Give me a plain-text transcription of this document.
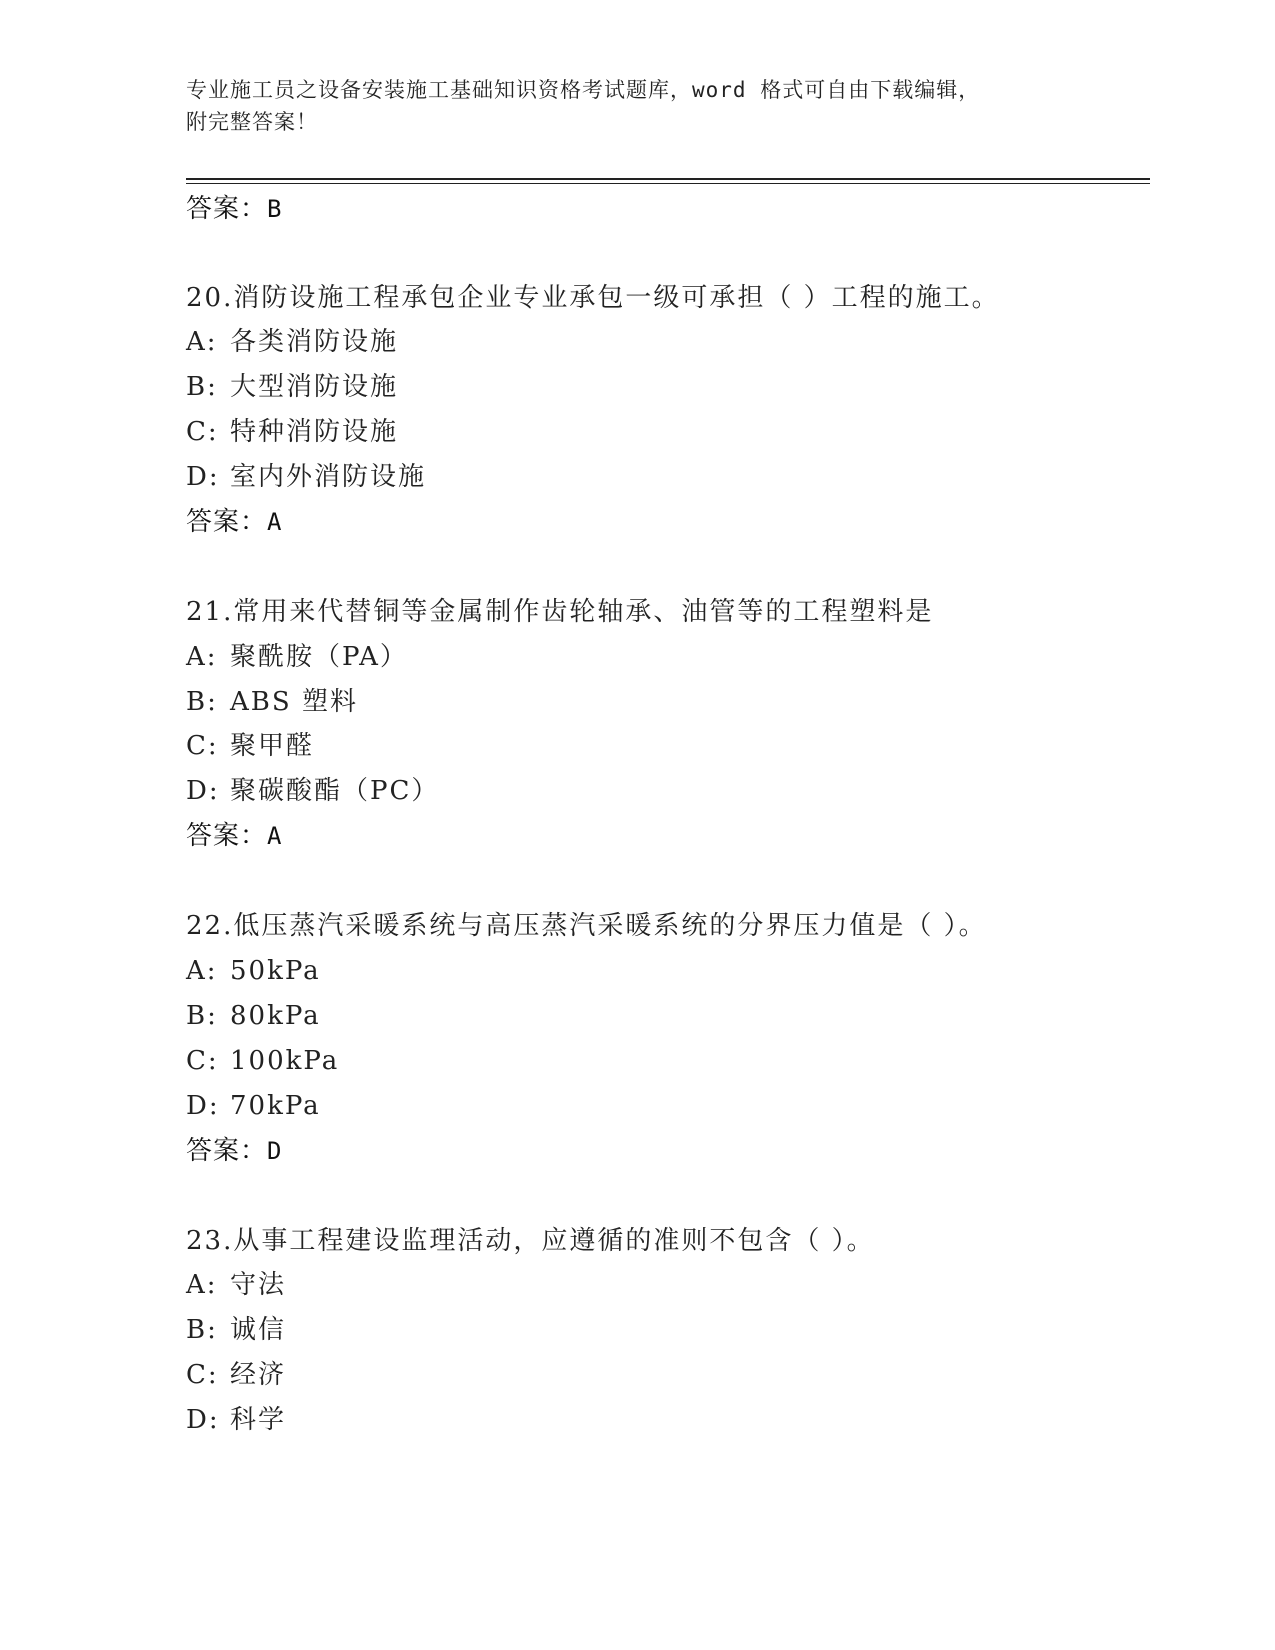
专业施工员之设备安装施工基础知识资格考试题库，word 格式可自由下载编辑，
附完整答案！
答案：B
20.消防设施工程承包企业专业承包一级可承担（ ）工程的施工。
A: 各类消防设施
B: 大型消防设施
C: 特种消防设施
D: 室内外消防设施
答案：A
21.常用来代替铜等金属制作齿轮轴承、油管等的工程塑料是
A: 聚酰胺（PA）
B: ABS 塑料
C: 聚甲醛
D: 聚碳酸酯（PC）
答案：A
22.低压蒸汽采暖系统与高压蒸汽采暖系统的分界压力值是（ ）。
A: 50kPa
B: 80kPa
C: 100kPa
D: 70kPa
答案：D
23.从事工程建设监理活动，应遵循的准则不包含（ ）。
A: 守法
B: 诚信
C: 经济
D: 科学
